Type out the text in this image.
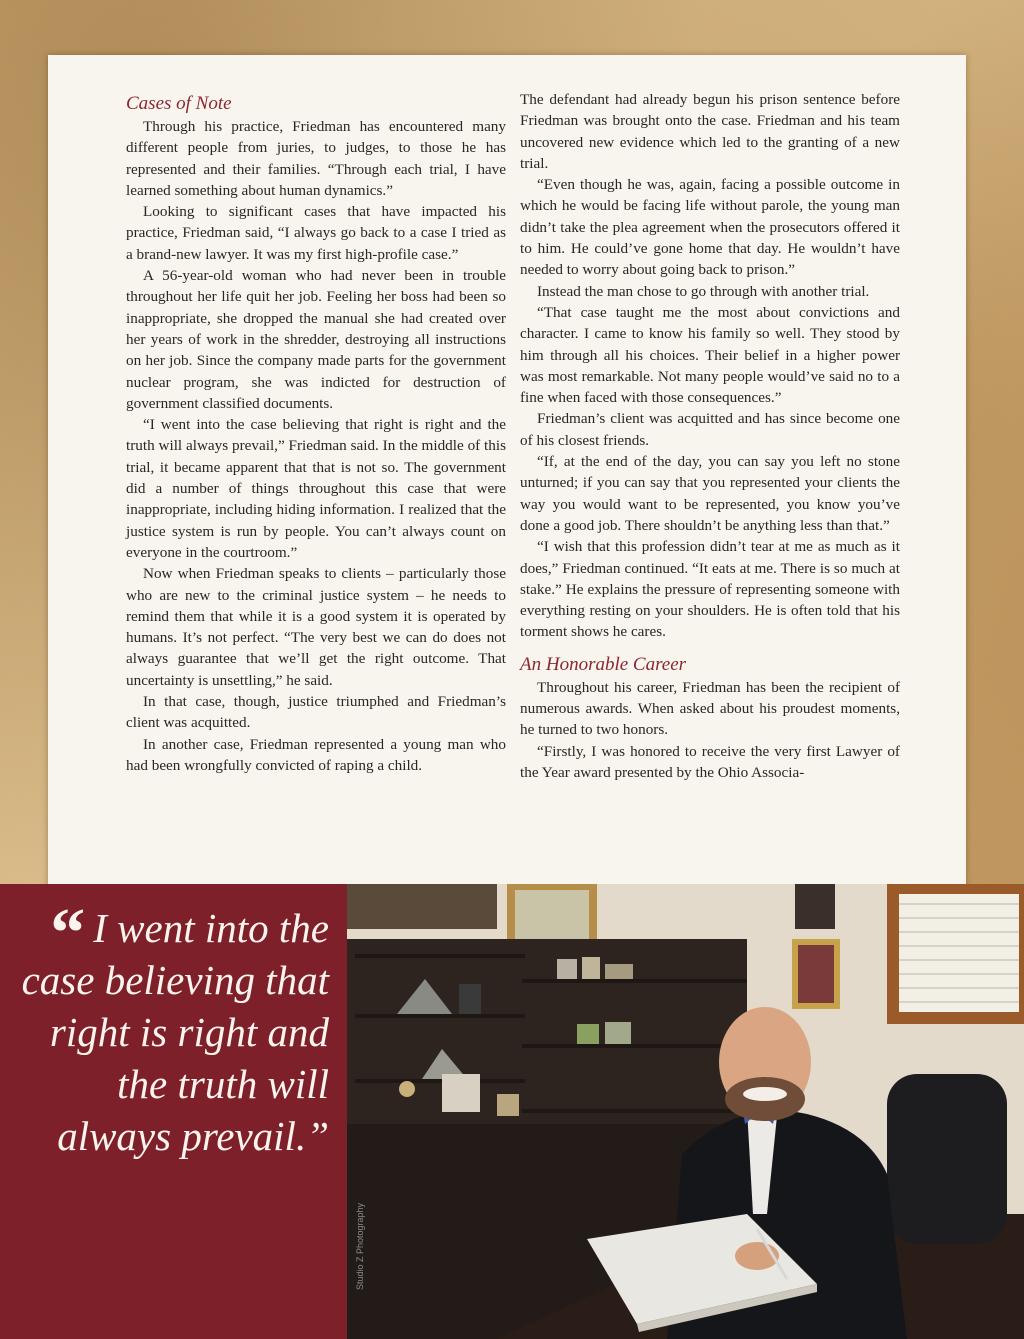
Cases of Note

Through his practice, Friedman has encountered many different people from juries, to judges, to those he has represented and their families. “Through each trial, I have learned something about human dynamics.”

Looking to significant cases that have impacted his practice, Friedman said, “I always go back to a case I tried as a brand-new lawyer. It was my first high-profile case.”

A 56-year-old woman who had never been in trouble throughout her life quit her job. Feeling her boss had been so inappropriate, she dropped the manual she had created over her years of work in the shredder, destroying all instructions on her job. Since the company made parts for the government nuclear program, she was indicted for destruction of government classified documents.

“I went into the case believing that right is right and the truth will always prevail,” Friedman said. In the middle of this trial, it became apparent that that is not so. The government did a number of things throughout this case that were inappropriate, including hiding information. I realized that the justice system is run by people. You can’t always count on everyone in the courtroom.”

Now when Friedman speaks to clients – particularly those who are new to the criminal justice system – he needs to remind them that while it is a good system it is operated by humans. It’s not perfect. “The very best we can do does not always guarantee that we’ll get the right outcome. That uncertainty is unsettling,” he said.

In that case, though, justice triumphed and Friedman’s client was acquitted.

In another case, Friedman represented a young man who had been wrongfully convicted of raping a child.

The defendant had already begun his prison sentence before Friedman was brought onto the case. Friedman and his team uncovered new evidence which led to the granting of a new trial.

“Even though he was, again, facing a possible outcome in which he would be facing life without parole, the young man didn’t take the plea agreement when the prosecutors offered it to him. He could’ve gone home that day. He wouldn’t have needed to worry about going back to prison.”

Instead the man chose to go through with another trial.

“That case taught me the most about convictions and character. I came to know his family so well. They stood by him through all his choices. Their belief in a higher power was most remarkable. Not many people would’ve said no to a fine when faced with those consequences.”

Friedman’s client was acquitted and has since become one of his closest friends.

“If, at the end of the day, you can say you left no stone unturned; if you can say that you represented your clients the way you would want to be represented, you know you’ve done a good job. There shouldn’t be anything less than that.”

“I wish that this profession didn’t tear at me as much as it does,” Friedman continued. “It eats at me. There is so much at stake.” He explains the pressure of representing someone with everything resting on your shoulders. He is often told that his torment shows he cares.

An Honorable Career

Throughout his career, Friedman has been the recipient of numerous awards. When asked about his proudest moments, he turned to two honors.

“Firstly, I was honored to receive the very first Lawyer of the Year award presented by the Ohio Associa-

“ I went into the case believing that right is right and the truth will always prevail.”
Studio Z Photography
